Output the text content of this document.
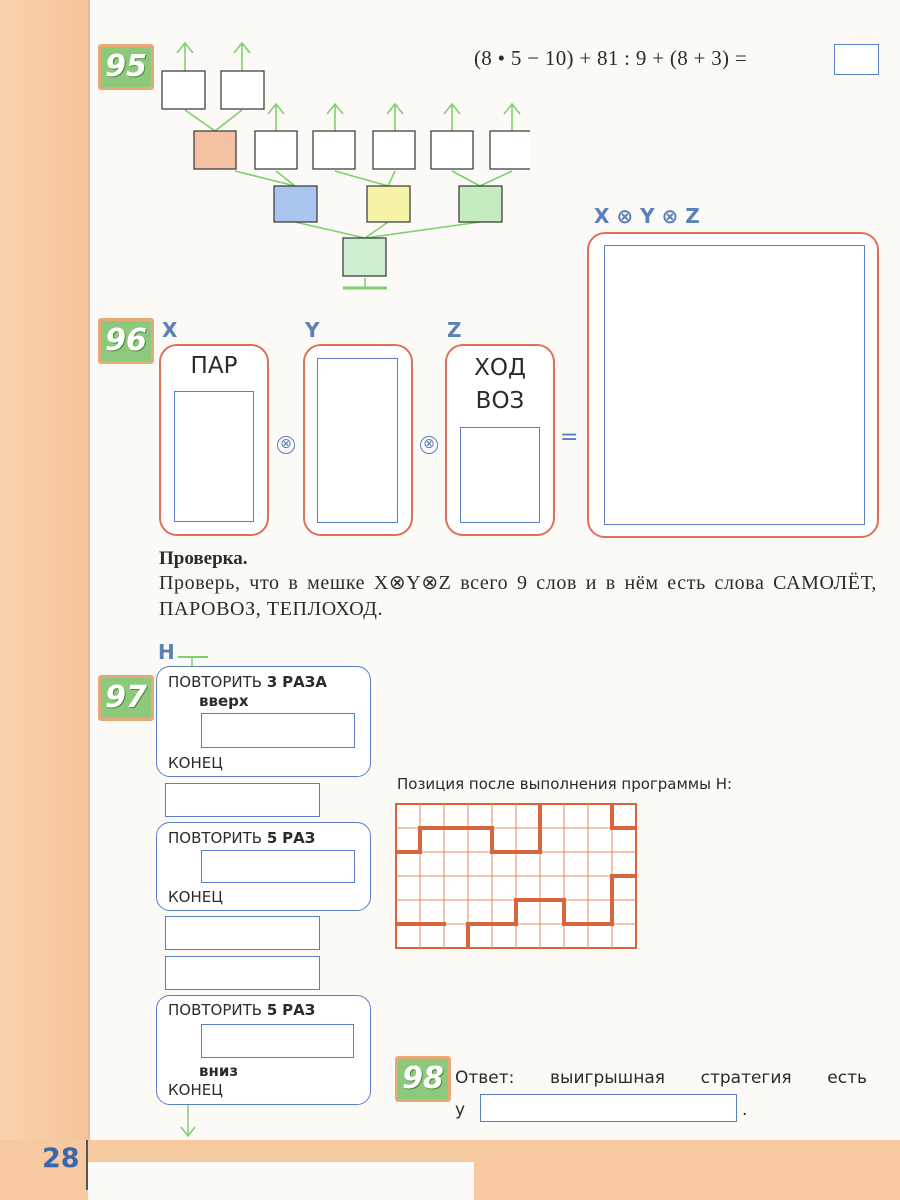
28
95	(8 • 5 − 10) + 81 : 9 + (8 + 3) =
X ⊗ Y ⊗ Z
96 X
ПАР
⊗
Y
⊗
Z
ХОД
ВОЗ
=
Проверка.
Проверь, что в мешке X⊗Y⊗Z всего 9 слов и в нём есть слова САМОЛЁТ, ПАРОВОЗ, ТЕПЛОХОД.
Н
97	ПОВТОРИТЬ 3 РАЗА
вверх
КОНЕЦ
ПОВТОРИТЬ 5 РАЗ
КОНЕЦ
ПОВТОРИТЬ 5 РАЗ
вниз
КОНЕЦ
Позиция после выполнения программы Н:
98 Ответ: выигрышная стратегия есть
у	.
